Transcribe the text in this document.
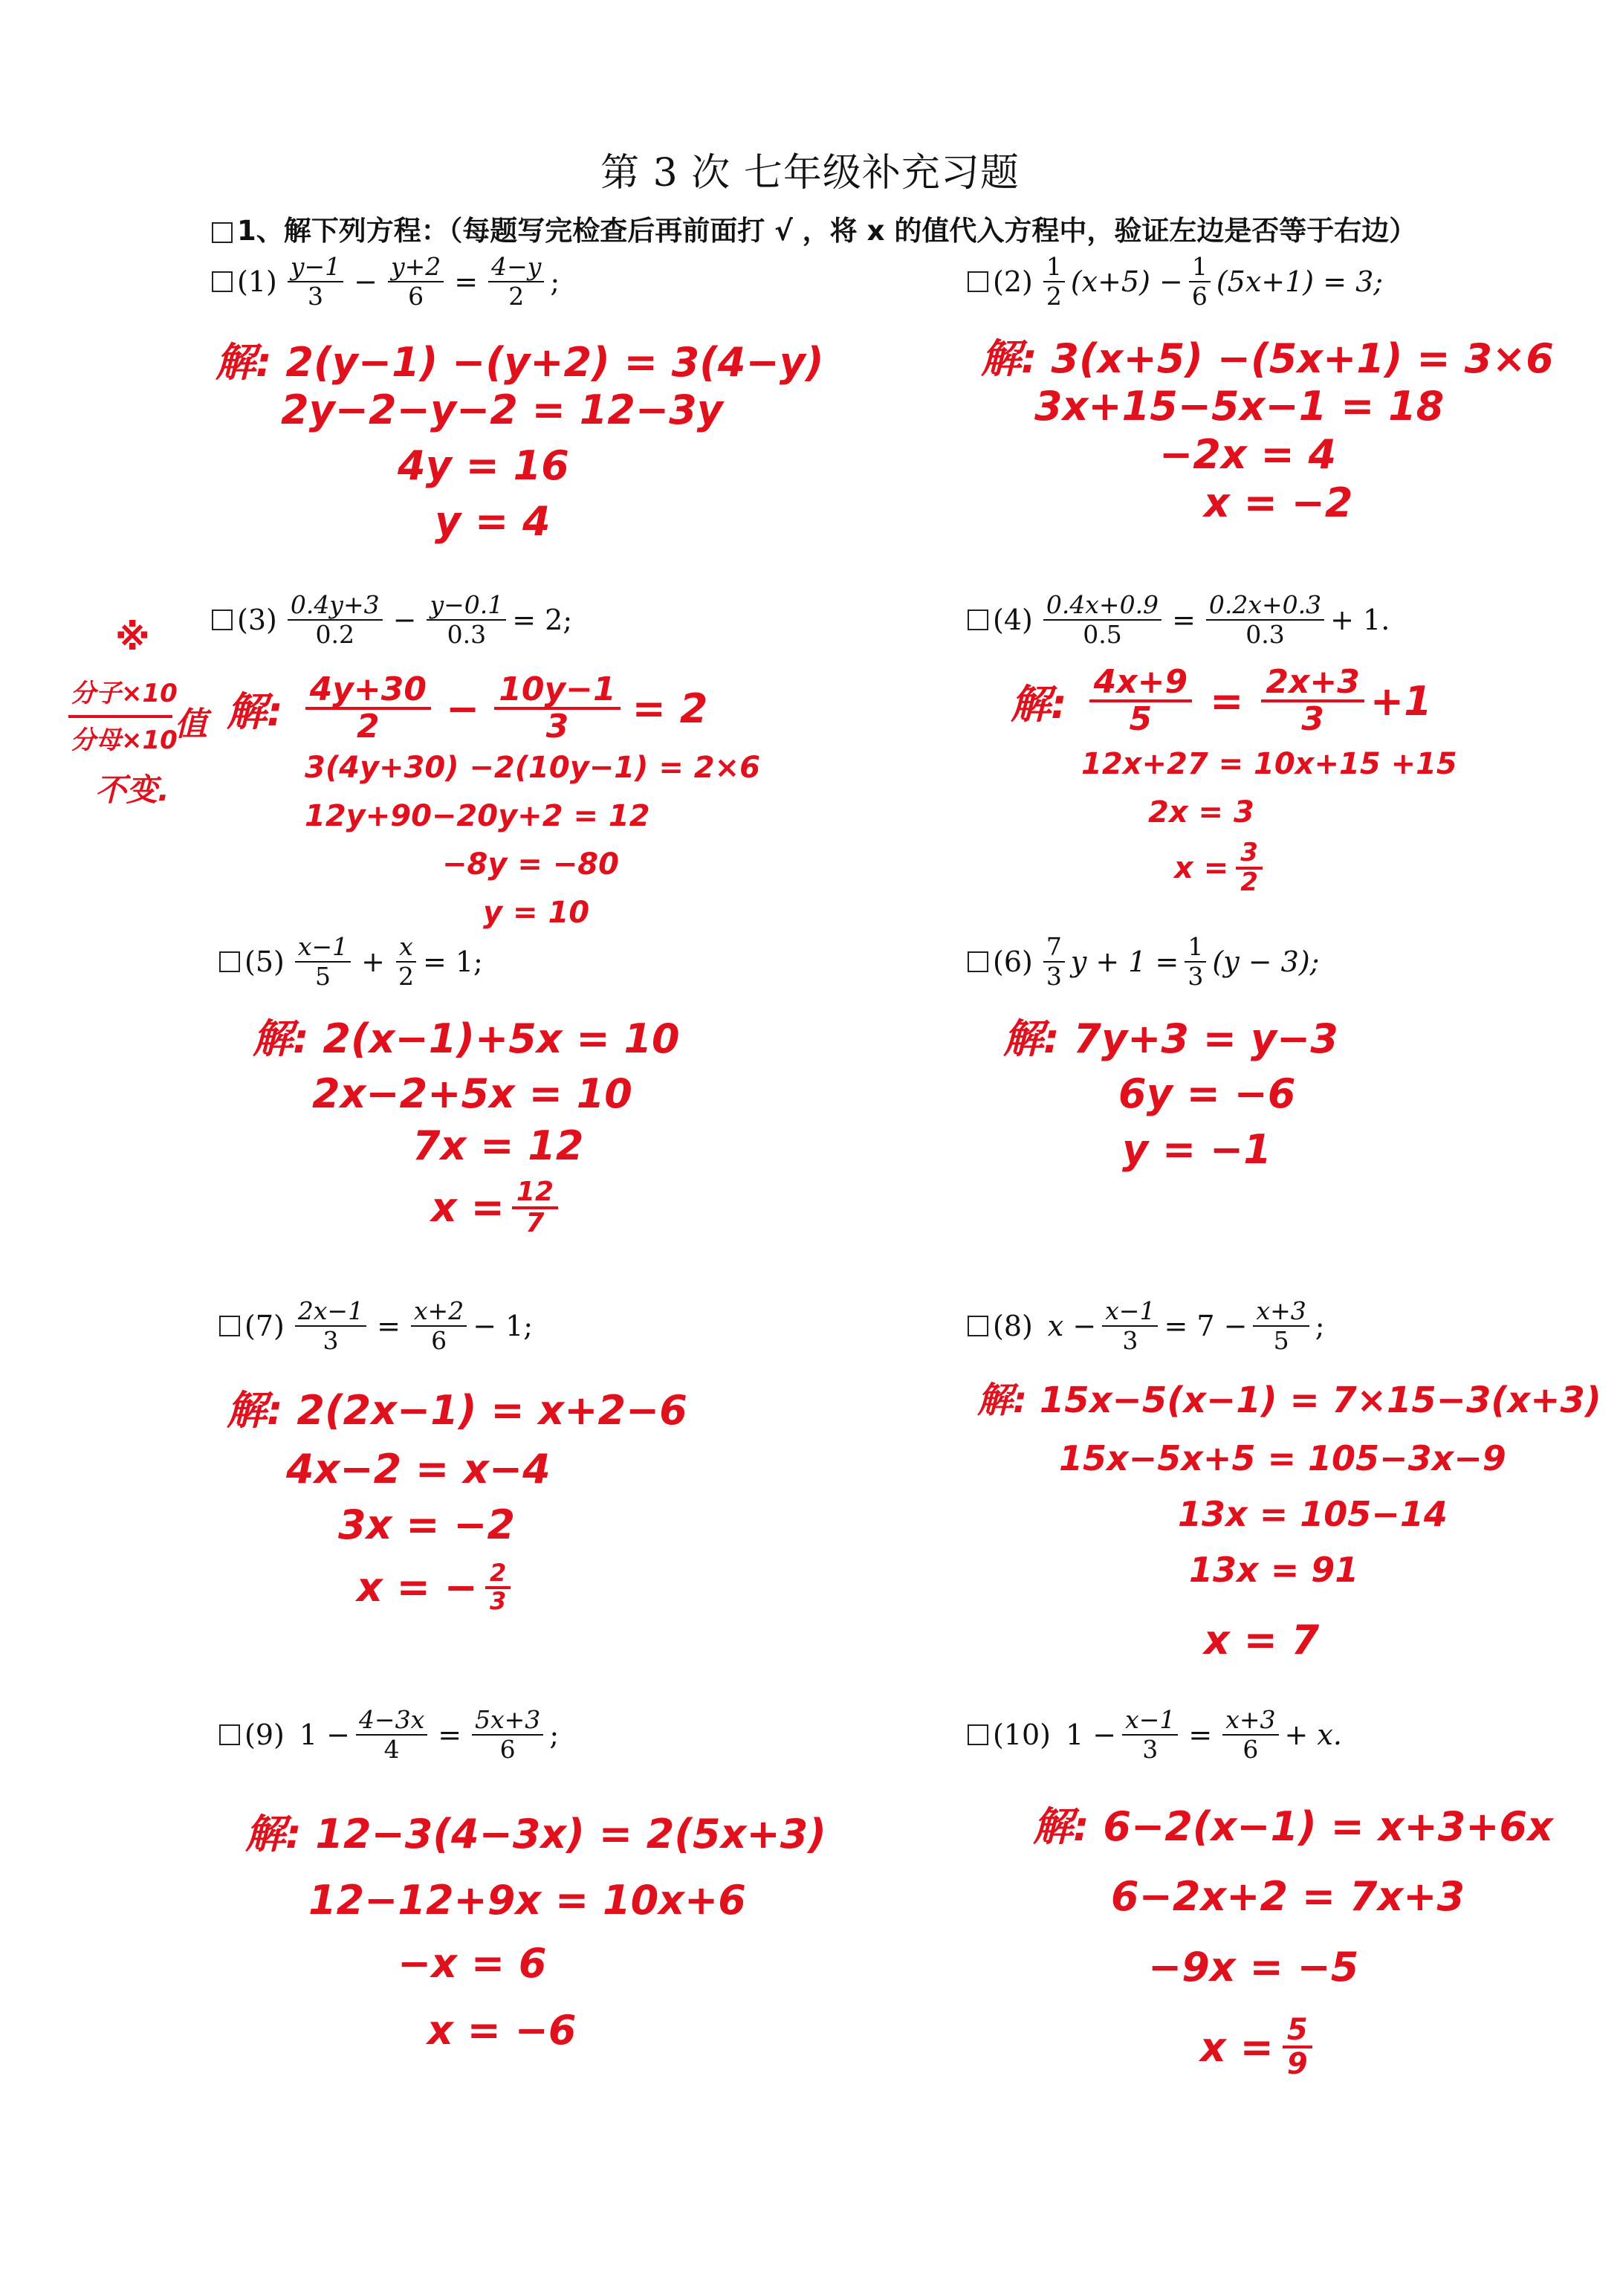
第 3 次 七年级补充习题
1、解下列方程：（每题写完检查后再前面打 √ ，将 x 的值代入方程中，验证左边是否等于右边）
$(1) \frac{y-1}{3} - \frac{y+2}{6} = \frac{4-y}{2}$ ;	$(2) \frac{1}{2} (x+5) - \frac{1}{6} (5x+1) = 3$;
解: 2(y−1) −(y+2) = 3(4−y)
2y−2−y−2 = 12−3y
4y = 16
y = 4
解: 3(x+5) −(5x+1) = 3×6
3x+15−5x−1 = 18
−2x = 4
x = −2
$(3) \frac{0.4y+3}{0.2} - \frac{y-0.1}{0.3} = 2$;	$(4) \frac{0.4x+0.9}{0.5} = \frac{0.2x+0.3}{0.3} + 1$.
※
分子×10
分母×10
值
不变.
解: 4y+30
$2 - \frac{10y-1}{3} = 2$
3(4y+30) −2(10y−1) = 2×6
12y+90−20y+2 = 12
−8y = −80
y = 10
解: $\frac{4x+9}{5} = \frac{2x+3}{3} +1$
12x+27 = 10x+15 +15
2x = 3
$x = \frac{3}{2}$
$(5) \frac{x-1}{5} + \frac{x}{2} = 1$;	$(6) \frac{7}{3}$ $y + 1 = \frac{1}{3} (y - 3)$;
解: 2(x−1)+5x = 10
2x−2+5x = 10
7x = 12
$x = \frac{12}{7}$
解: 7y+3 = y−3
6y = −6
y = −1
$(7) \frac{2x-1}{3} = \frac{x+2}{6} - 1$;	(8) $x - \frac{x-1}{3} = 7 - \frac{x+3}{5}$ ;
解: 2(2x−1) = x+2−6
4x−2 = x−4
3x = −2
x = − $\frac{2}{3}$
解: 15x−5(x−1) = 7×15−3(x+3)
15x−5x+5 = 105−3x−9
13x = 105−14
13x = 91
x = 7
(9) $1 - \frac{4-3x}{4} = \frac{5x+3}{6}$ ;	(10) $1 - \frac{x-1}{3} = \frac{x+3}{6} + x$.
解: 12−3(4−3x) = 2(5x+3)
12−12+9x = 10x+6
−x = 6
x = −6
解: 6−2(x−1) = x+3+6x
6−2x+2 = 7x+3
−9x = −5
$x = \frac{5}{9}$
